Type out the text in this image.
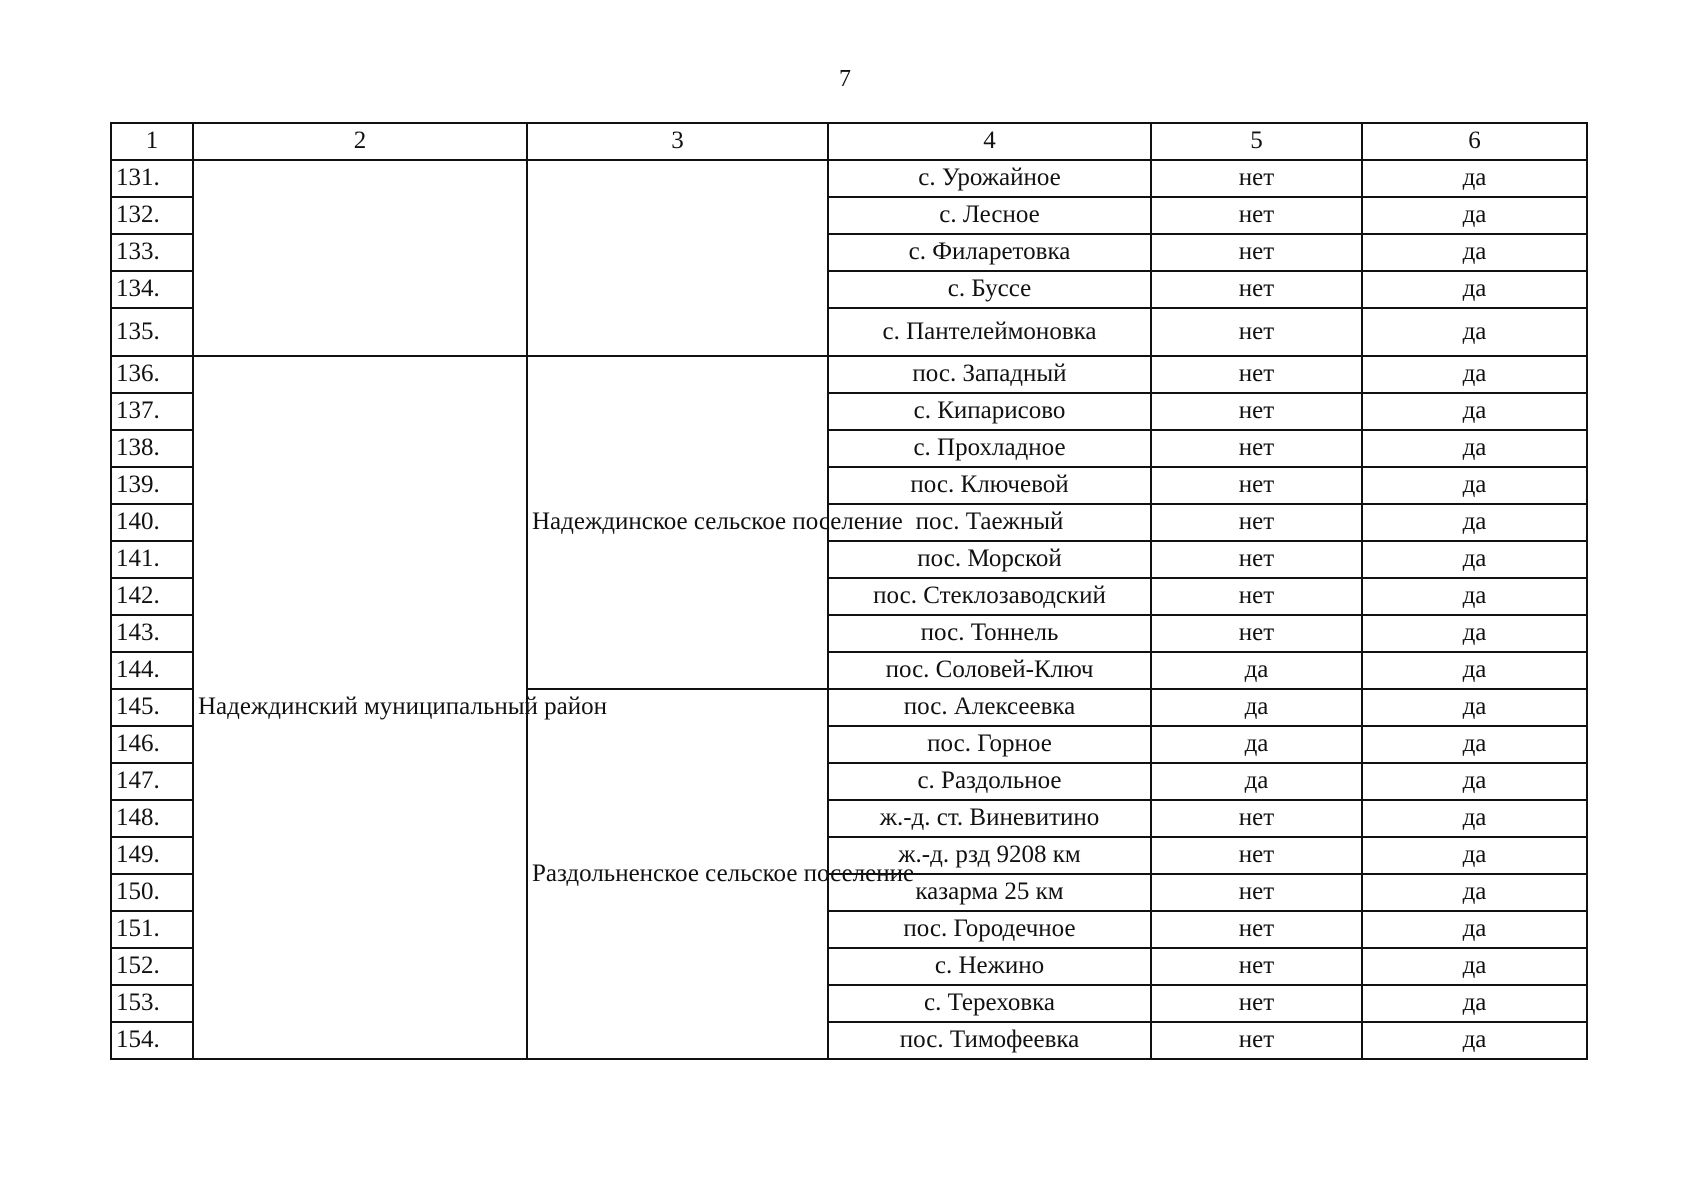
7
1	2	3	4	5	6
131.			с. Урожайное	нет	да
132.			с. Лесное	нет	да
133.			с. Филаретовка	нет	да
134.			с. Буссе	нет	да
135.			с. Пантелеймоновка	нет	да
136.	Надеждинский муниципальный район	Надеждинское сельское поселение	пос. Западный	нет	да
137.			с. Кипарисово	нет	да
138.			с. Прохладное	нет	да
139.			пос. Ключевой	нет	да
140.			пос. Таежный	нет	да
141.			пос. Морской	нет	да
142.			пос. Стеклозаводский	нет	да
143.			пос. Тоннель	нет	да
144.			пос. Соловей-Ключ	да	да
145.		Раздольненское сельское поселение	пос. Алексеевка	да	да
146.			пос. Горное	да	да
147.			с. Раздольное	да	да
148.			ж.-д. ст. Виневитино	нет	да
149.			ж.-д. рзд 9208 км	нет	да
150.			казарма 25 км	нет	да
151.			пос. Городечное	нет	да
152.			с. Нежино	нет	да
153.			с. Тереховка	нет	да
154.			пос. Тимофеевка	нет	да
